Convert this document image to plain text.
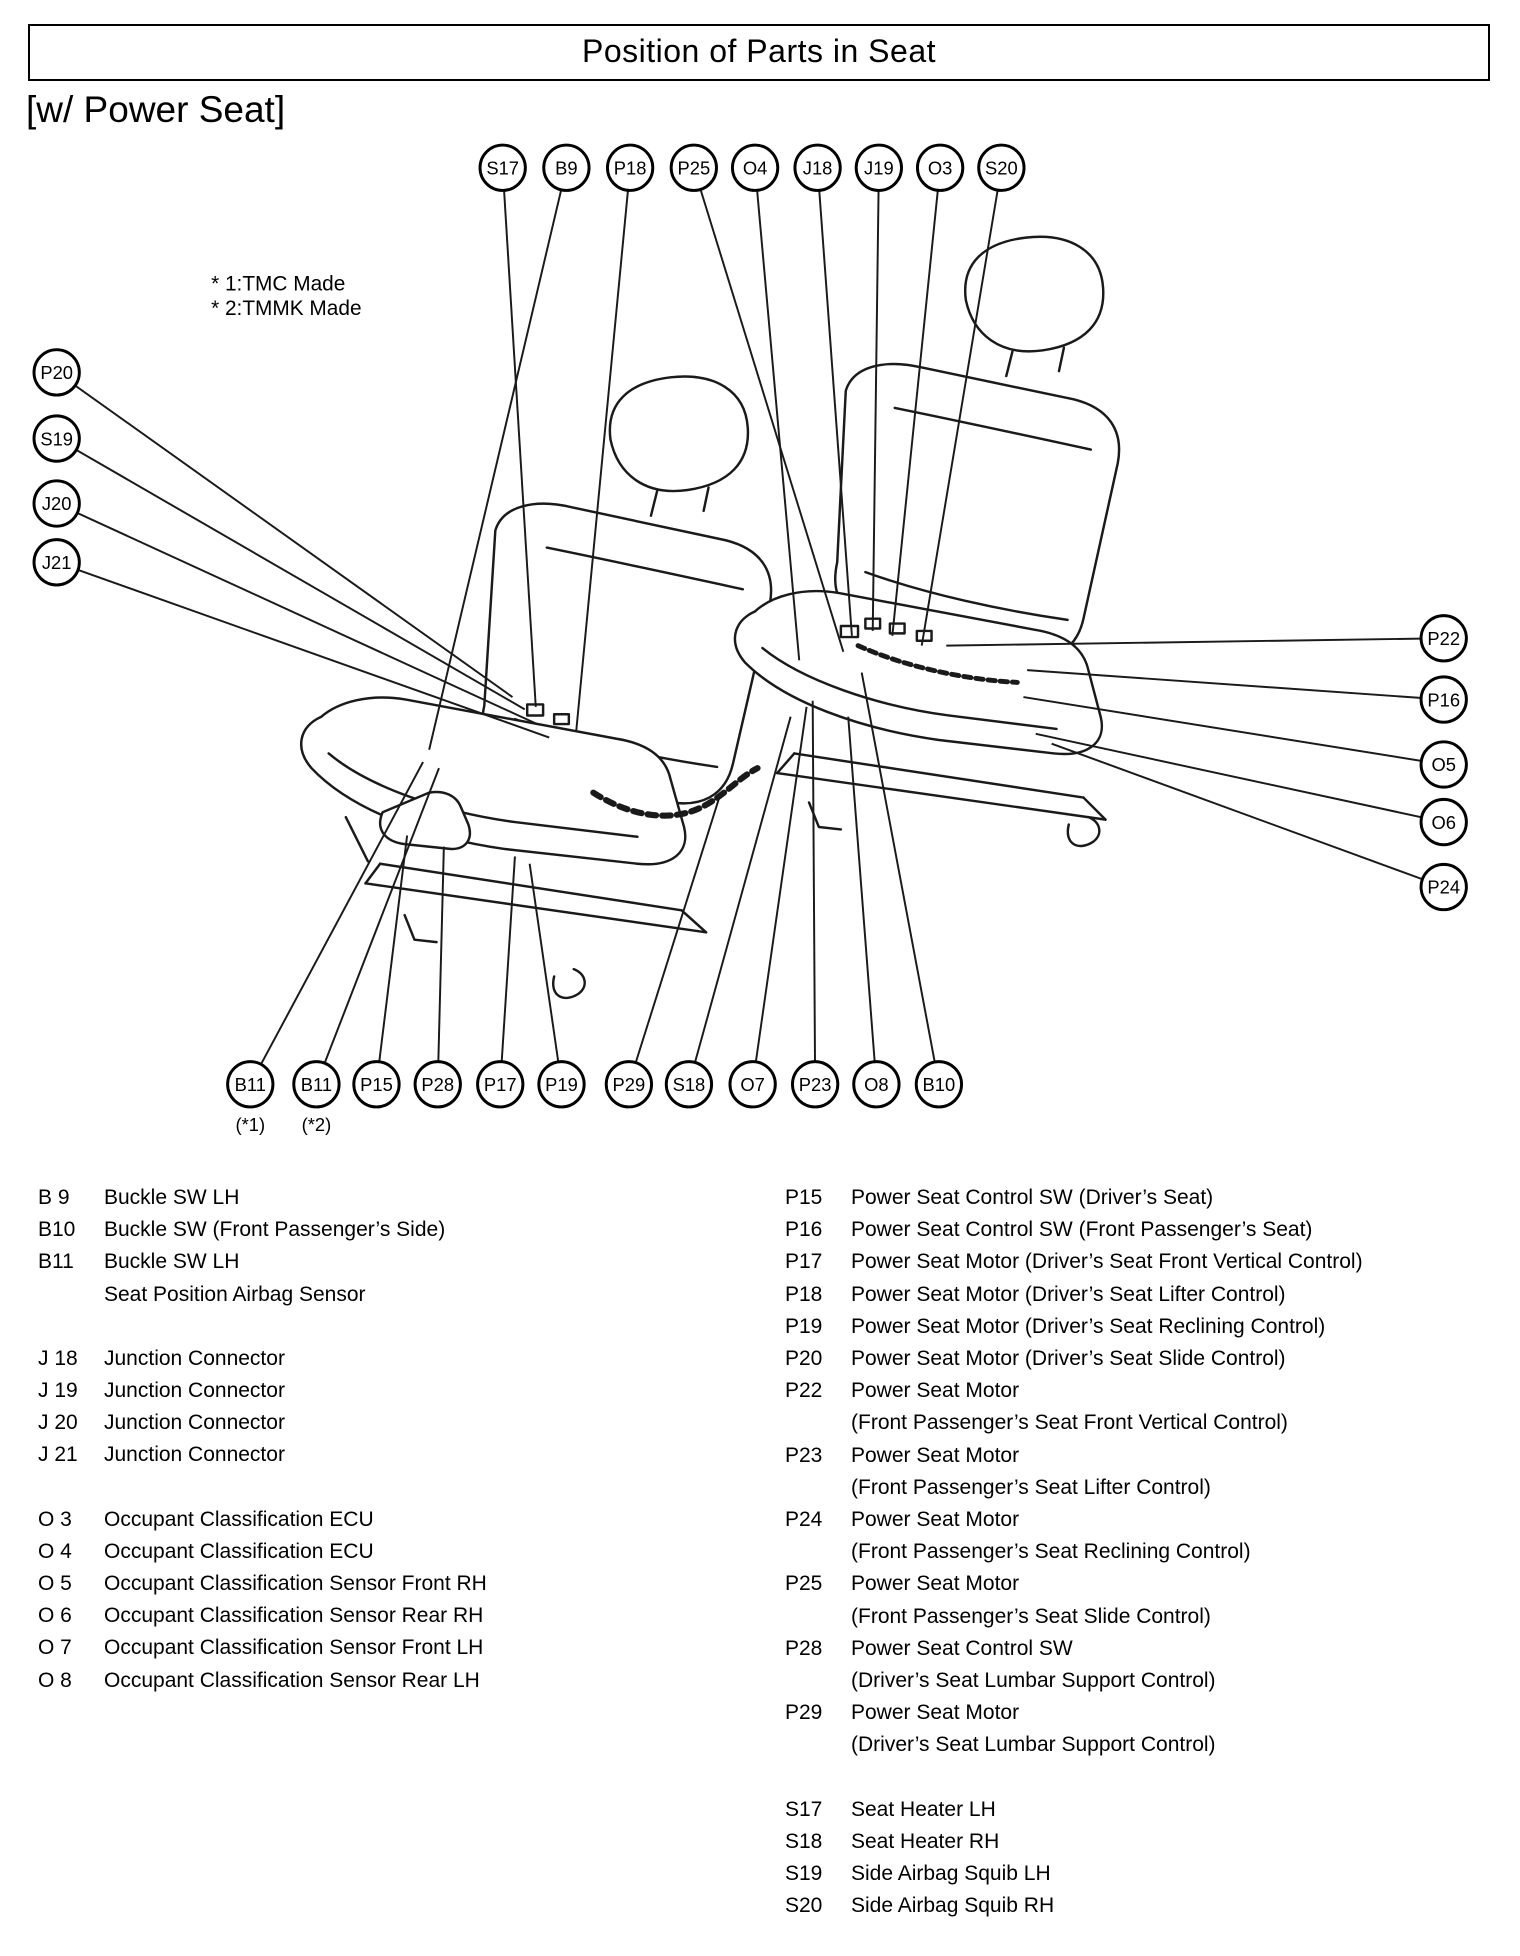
Position of Parts in Seat
[w/ Power Seat]
* 1:TMC Made
* 2:TMMK Made
S17 B9 P18 P25 O4 J18 J19 O3 S20
P20
S19
J20
J21
P22
P16
O5
O6
P24
B11 B11 P15 P28 P17 P19 P29 S18 O7 P23 O8 B10
(*1) (*2)
B 9	Buckle SW LH
B10	Buckle SW (Front Passenger’s Side)
B11	Buckle SW LH
Seat Position Airbag Sensor
J 18	Junction Connector
J 19	Junction Connector
J 20	Junction Connector
J 21	Junction Connector
O 3	Occupant Classification ECU
O 4	Occupant Classification ECU
O 5	Occupant Classification Sensor Front RH
O 6	Occupant Classification Sensor Rear RH
O 7	Occupant Classification Sensor Front LH
O 8	Occupant Classification Sensor Rear LH
P15	Power Seat Control SW (Driver’s Seat)
P16	Power Seat Control SW (Front Passenger’s Seat)
P17	Power Seat Motor (Driver’s Seat Front Vertical Control)
P18	Power Seat Motor (Driver’s Seat Lifter Control)
P19	Power Seat Motor (Driver’s Seat Reclining Control)
P20	Power Seat Motor (Driver’s Seat Slide Control)
P22	Power Seat Motor
(Front Passenger’s Seat Front Vertical Control)
P23	Power Seat Motor
(Front Passenger’s Seat Lifter Control)
P24	Power Seat Motor
(Front Passenger’s Seat Reclining Control)
P25	Power Seat Motor
(Front Passenger’s Seat Slide Control)
P28	Power Seat Control SW
(Driver’s Seat Lumbar Support Control)
P29	Power Seat Motor
(Driver’s Seat Lumbar Support Control)
S17	Seat Heater LH
S18	Seat Heater RH
S19	Side Airbag Squib LH
S20	Side Airbag Squib RH
